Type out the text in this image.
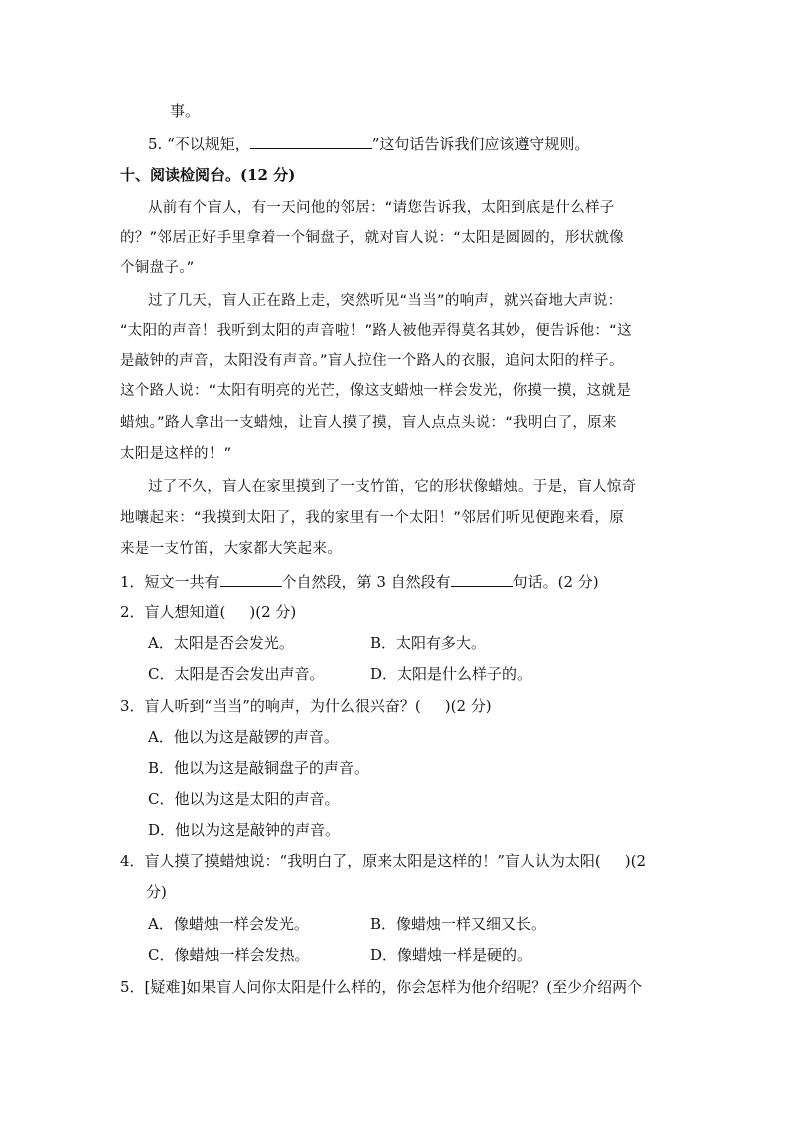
事。
5. “不以规矩，	”这句话告诉我们应该遵守规则。
十、阅读检阅台。(12 分)
从前有个盲人，有一天问他的邻居：“请您告诉我，太阳到底是什么样子
的？”邻居正好手里拿着一个铜盘子，就对盲人说：“太阳是圆圆的，形状就像
个铜盘子。”
过了几天，盲人正在路上走，突然听见“当当”的响声，就兴奋地大声说：
“太阳的声音！我听到太阳的声音啦！”路人被他弄得莫名其妙，便告诉他：“这
是敲钟的声音，太阳没有声音。”盲人拉住一个路人的衣服，追问太阳的样子。
这个路人说：“太阳有明亮的光芒，像这支蜡烛一样会发光，你摸一摸，这就是
蜡烛。”路人拿出一支蜡烛，让盲人摸了摸，盲人点点头说：“我明白了，原来
太阳是这样的！”
过了不久，盲人在家里摸到了一支竹笛，它的形状像蜡烛。于是，盲人惊奇
地嚷起来：“我摸到太阳了，我的家里有一个太阳！”邻居们听见便跑来看，原
来是一支竹笛，大家都大笑起来。
1．短文一共有	个自然段，第 3 自然段有	句话。(2 分)
2．盲人想知道( )(2 分)
A．太阳是否会发光。	B．太阳有多大。
C．太阳是否会发出声音。	D．太阳是什么样子的。
3．盲人听到“当当”的响声，为什么很兴奋？( )(2 分)
A．他以为这是敲锣的声音。
B．他以为这是敲铜盘子的声音。
C．他以为这是太阳的声音。
D．他以为这是敲钟的声音。
4．盲人摸了摸蜡烛说：“我明白了，原来太阳是这样的！”盲人认为太阳( )(2
分)
A．像蜡烛一样会发光。	B．像蜡烛一样又细又长。
C．像蜡烛一样会发热。	D．像蜡烛一样是硬的。
5．[疑难]如果盲人问你太阳是什么样的，你会怎样为他介绍呢？(至少介绍两个
